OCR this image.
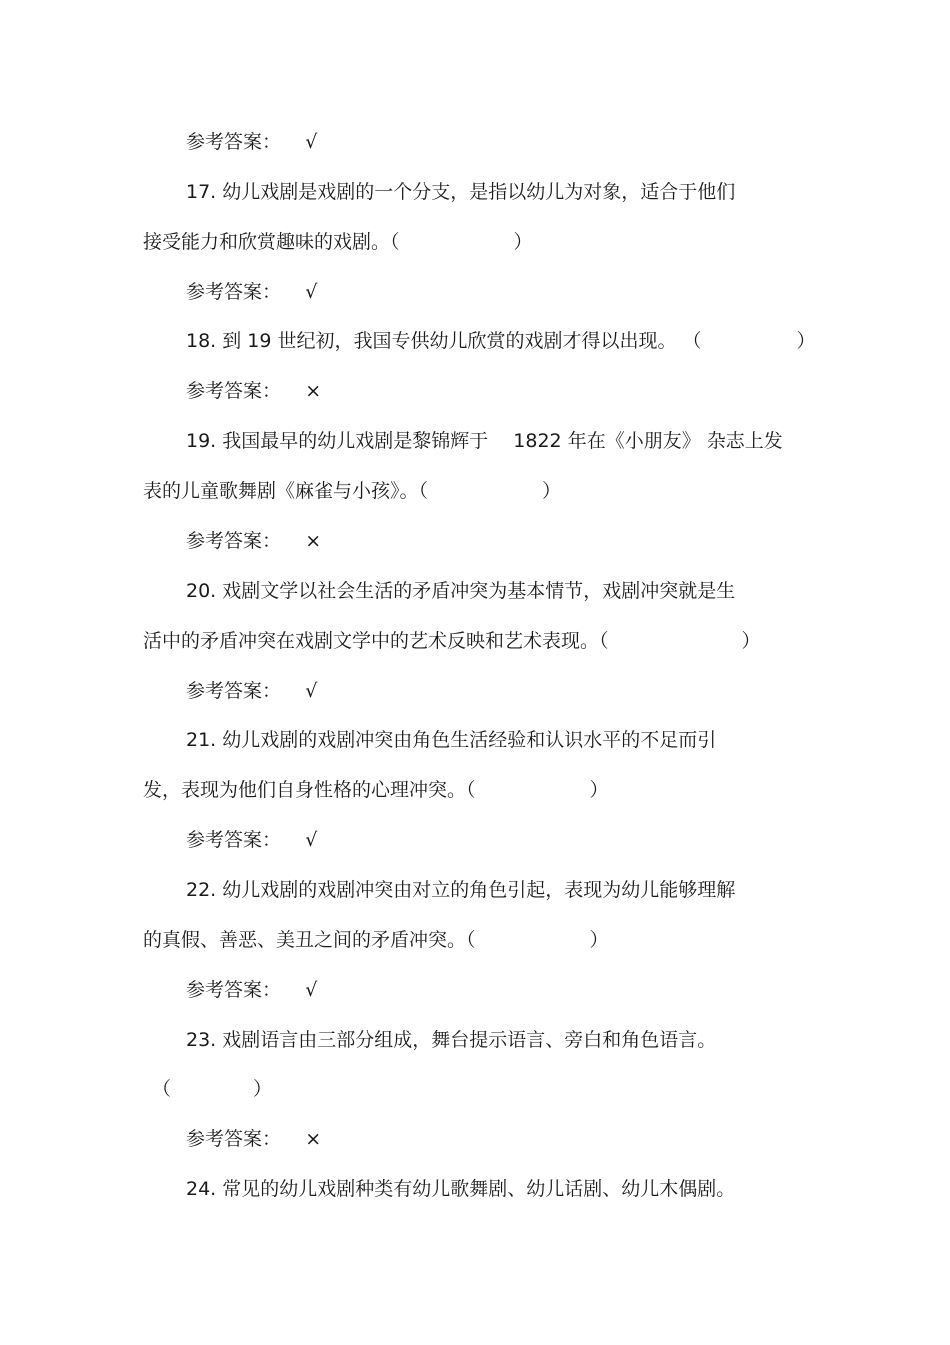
参考答案： √
17. 幼儿戏剧是戏剧的一个分支，是指以幼儿为对象，适合于他们
接受能力和欣赏趣味的戏剧。（　　　　　　）
参考答案： √
18. 到 19 世纪初，我国专供幼儿欣赏的戏剧才得以出现。 （　　　　　）
参考答案： ×
19. 我国最早的幼儿戏剧是黎锦辉于　 1822 年在《小朋友》 杂志上发
表的儿童歌舞剧《麻雀与小孩》。（　　　　　　）
参考答案： ×
20. 戏剧文学以社会生活的矛盾冲突为基本情节，戏剧冲突就是生
活中的矛盾冲突在戏剧文学中的艺术反映和艺术表现。（　　　　　　　）
参考答案： √
21. 幼儿戏剧的戏剧冲突由角色生活经验和认识水平的不足而引
发，表现为他们自身性格的心理冲突。（　　　　　　）
参考答案： √
22. 幼儿戏剧的戏剧冲突由对立的角色引起，表现为幼儿能够理解
的真假、善恶、美丑之间的矛盾冲突。（　　　　　　）
参考答案： √
23. 戏剧语言由三部分组成，舞台提示语言、旁白和角色语言。
（　　　　 ）
参考答案： ×
24. 常见的幼儿戏剧种类有幼儿歌舞剧、幼儿话剧、幼儿木偶剧。
